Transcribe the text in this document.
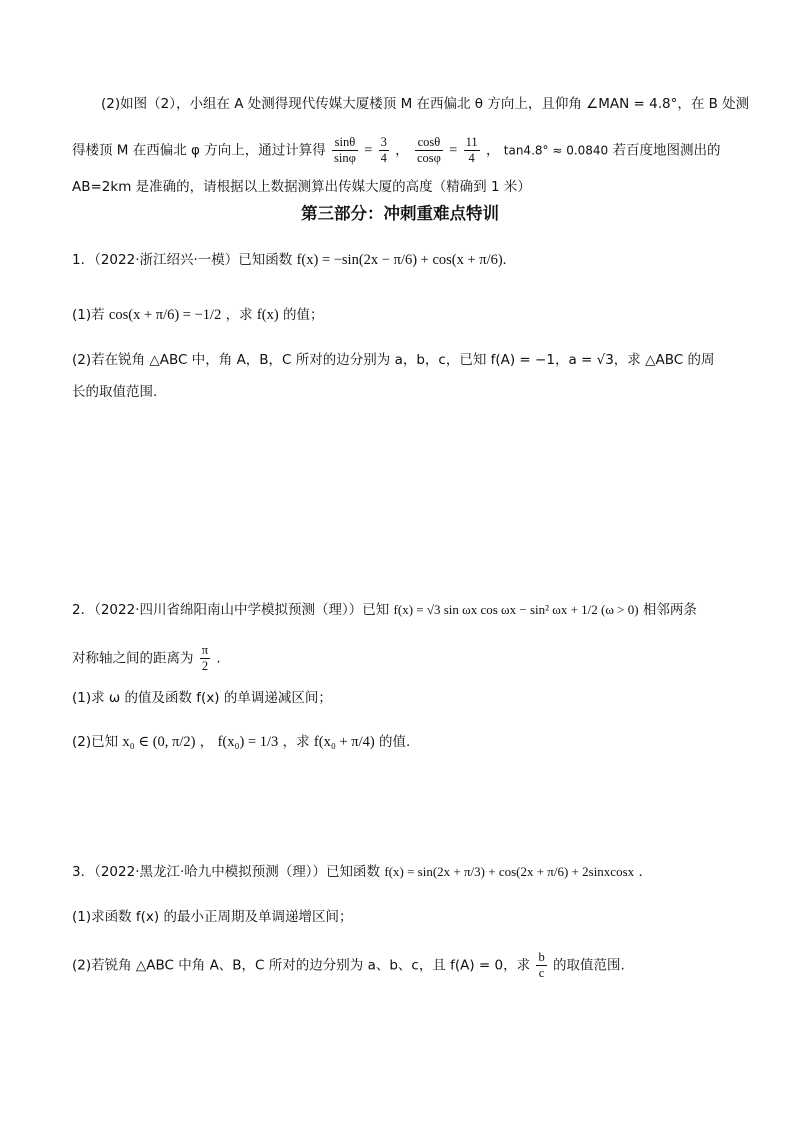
(2)如图（2），小组在 A 处测得现代传媒大厦楼顶 M 在西偏北 θ 方向上，且仰角 ∠MAN = 4.8°，在 B 处测
得楼顶 M 在西偏北 φ 方向上，通过计算得 $\frac{\sin\theta}{\sin\varphi} = \frac{3}{4}$ ， $\frac{\cos\theta}{\cos\varphi} = \frac{11}{4}$ ， tan4.8° ≈ 0.0840 若百度地图测出的
AB=2km 是准确的，请根据以上数据测算出传媒大厦的高度（精确到 1 米）
第三部分：冲刺重难点特训
1．（2022·浙江绍兴·一模）已知函数 f(x) = −sin(2x − π/6) + cos(x + π/6).
(1)若 cos(x + π/6) = −1/2 ，求 f(x) 的值；
(2)若在锐角 △ABC 中，角 A，B，C 所对的边分别为 a，b，c，已知 f(A) = −1，a = √3，求 △ABC 的周
长的取值范围.
2．（2022·四川省绵阳南山中学模拟预测（理））已知 f(x) = √3 sin ωx cos ωx − sin² ωx + 1/2 (ω > 0) 相邻两条
对称轴之间的距离为 $\frac{\pi}{2}$ .
(1)求 ω 的值及函数 f(x) 的单调递减区间；
(2)已知 x₀ ∈ (0, π/2) ， f(x₀) = 1/3 ，求 f(x₀ + π/4) 的值.
3．（2022·黑龙江·哈九中模拟预测（理））已知函数 f(x) = sin(2x + π/3) + cos(2x + π/6) + 2sinxcosx ．
(1)求函数 f(x) 的最小正周期及单调递增区间；
(2)若锐角 △ABC 中角 A、B，C 所对的边分别为 a、b、c，且 f(A) = 0，求 $\frac{b}{c}$ 的取值范围.
